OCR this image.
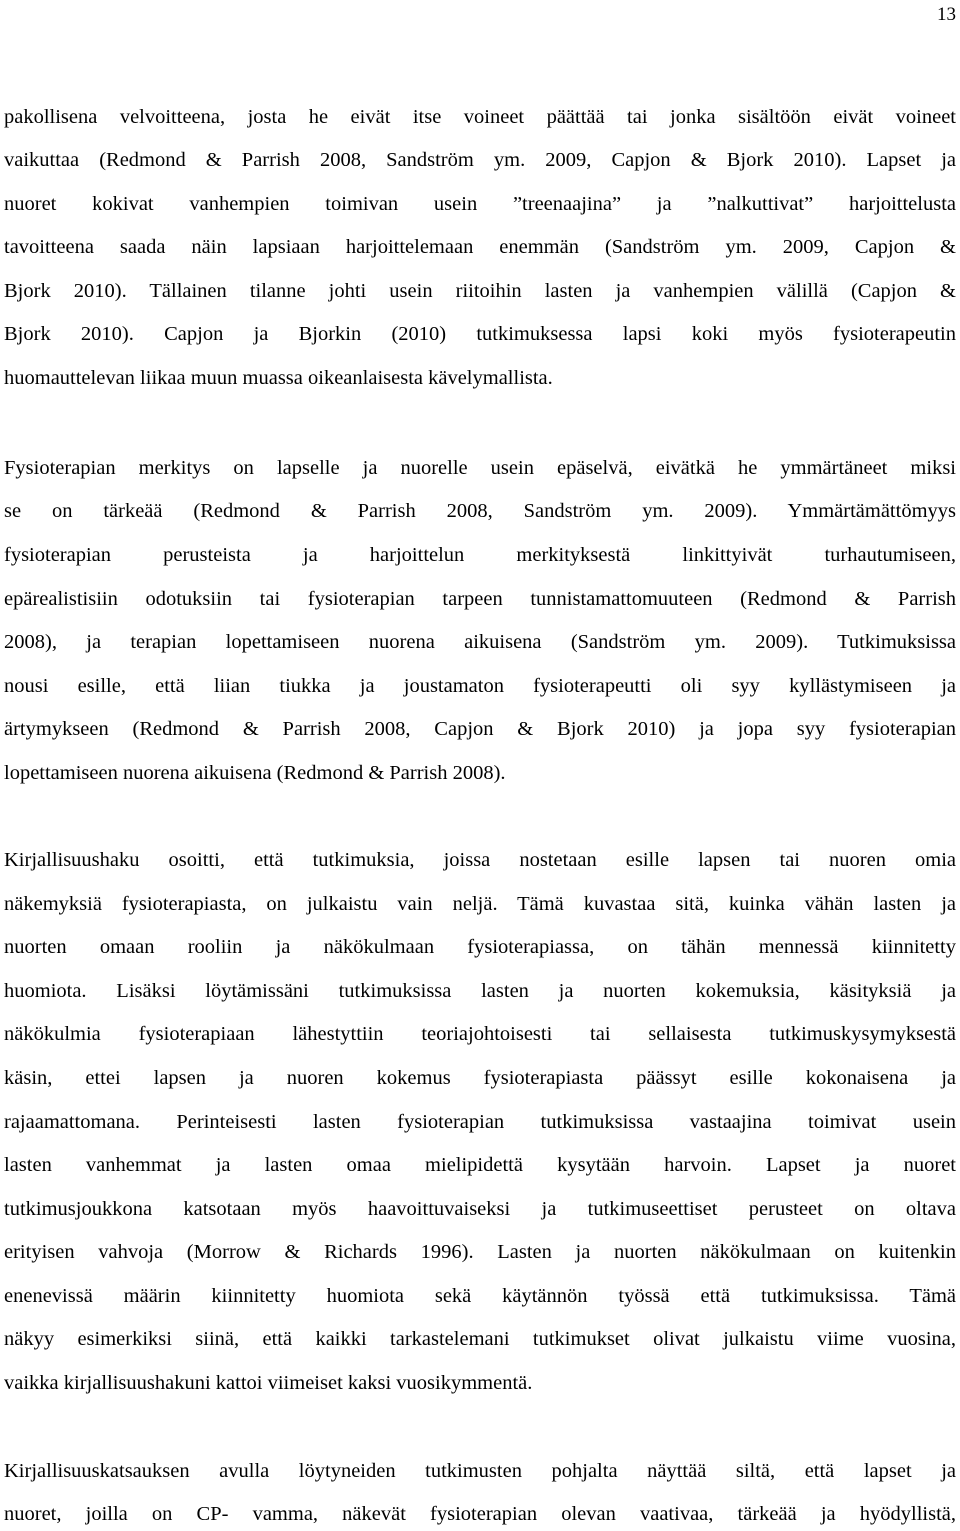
13
pakollisena velvoitteena, josta he eivät itse voineet päättää tai jonka sisältöön eivät voineet
vaikuttaa (Redmond & Parrish 2008, Sandström ym. 2009, Capjon & Bjork 2010). Lapset ja
nuoret kokivat vanhempien toimivan usein ”treenaajina” ja ”nalkuttivat” harjoittelusta
tavoitteena saada näin lapsiaan harjoittelemaan enemmän (Sandström ym. 2009, Capjon &
Bjork 2010). Tällainen tilanne johti usein riitoihin lasten ja vanhempien välillä (Capjon &
Bjork 2010). Capjon ja Bjorkin (2010) tutkimuksessa lapsi koki myös fysioterapeutin
huomauttelevan liikaa muun muassa oikeanlaisesta kävelymallista.
Fysioterapian merkitys on lapselle ja nuorelle usein epäselvä, eivätkä he ymmärtäneet miksi
se on tärkeää (Redmond & Parrish 2008, Sandström ym. 2009). Ymmärtämättömyys
fysioterapian perusteista ja harjoittelun merkityksestä linkittyivät turhautumiseen,
epärealistisiin odotuksiin tai fysioterapian tarpeen tunnistamattomuuteen (Redmond & Parrish
2008), ja terapian lopettamiseen nuorena aikuisena (Sandström ym. 2009). Tutkimuksissa
nousi esille, että liian tiukka ja joustamaton fysioterapeutti oli syy kyllästymiseen ja
ärtymykseen (Redmond & Parrish 2008, Capjon & Bjork 2010) ja jopa syy fysioterapian
lopettamiseen nuorena aikuisena (Redmond & Parrish 2008).
Kirjallisuushaku osoitti, että tutkimuksia, joissa nostetaan esille lapsen tai nuoren omia
näkemyksiä fysioterapiasta, on julkaistu vain neljä. Tämä kuvastaa sitä, kuinka vähän lasten ja
nuorten omaan rooliin ja näkökulmaan fysioterapiassa, on tähän mennessä kiinnitetty
huomiota. Lisäksi löytämissäni tutkimuksissa lasten ja nuorten kokemuksia, käsityksiä ja
näkökulmia fysioterapiaan lähestyttiin teoriajohtoisesti tai sellaisesta tutkimuskysymyksestä
käsin, ettei lapsen ja nuoren kokemus fysioterapiasta päässyt esille kokonaisena ja
rajaamattomana. Perinteisesti lasten fysioterapian tutkimuksissa vastaajina toimivat usein
lasten vanhemmat ja lasten omaa mielipidettä kysytään harvoin. Lapset ja nuoret
tutkimusjoukkona katsotaan myös haavoittuvaiseksi ja tutkimuseettiset perusteet on oltava
erityisen vahvoja (Morrow & Richards 1996). Lasten ja nuorten näkökulmaan on kuitenkin
enenevissä määrin kiinnitetty huomiota sekä käytännön työssä että tutkimuksissa. Tämä
näkyy esimerkiksi siinä, että kaikki tarkastelemani tutkimukset olivat julkaistu viime vuosina,
vaikka kirjallisuushakuni kattoi viimeiset kaksi vuosikymmentä.
Kirjallisuuskatsauksen avulla löytyneiden tutkimusten pohjalta näyttää siltä, että lapset ja
nuoret, joilla on CP- vamma, näkevät fysioterapian olevan vaativaa, tärkeää ja hyödyllistä,
